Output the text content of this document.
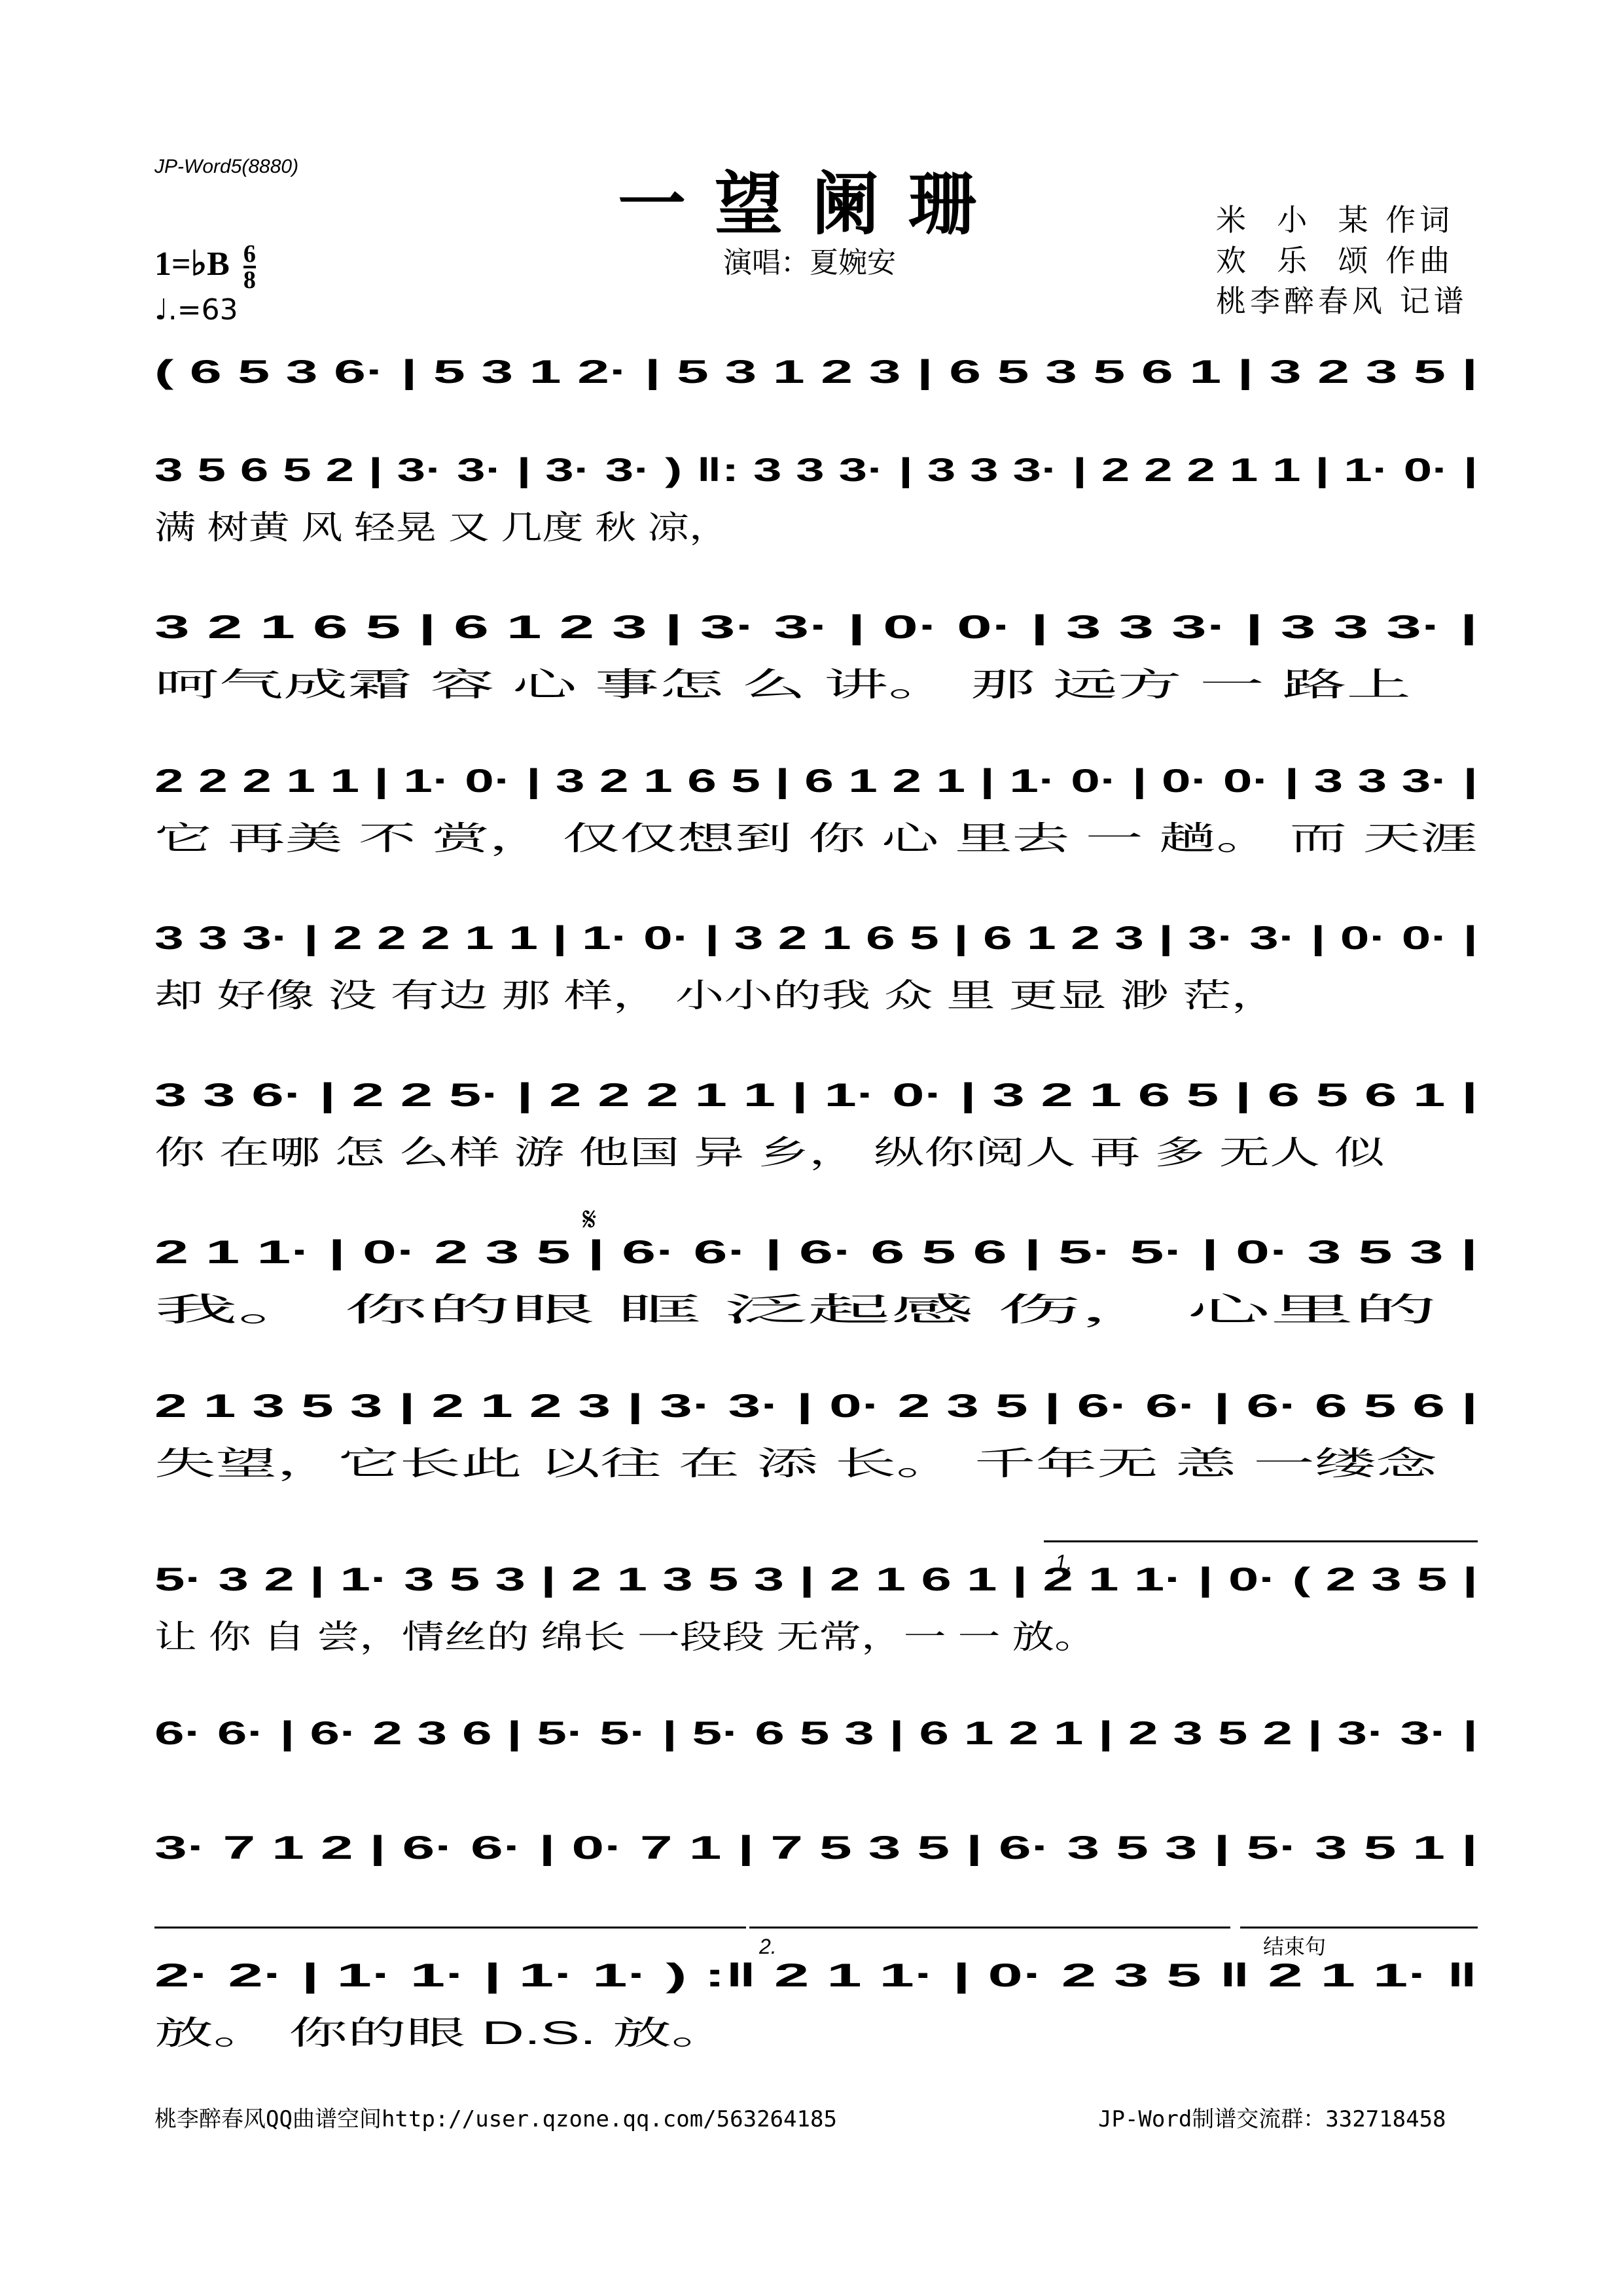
JP-Word5(8880)	一望阑珊
演唱：夏婉安
米  小  某 作词
欢  乐  颂 作曲
桃李醉春风 记谱
1=♭B $\frac{6}{8}$
♩.=63
( 6 5 3 6· | 5 3 1 2· | 5 3 1 2 3 | 6 5 3 5 6 1 | 3 2 3 5 |
3 5 6 5 2 | 3· 3· | 3· 3· ) ‖: 3 3 3· | 3 3 3· | 2 2 2 1 1 | 1· 0· |
满 树黄 风 轻晃 又 几度 秋 凉，
3 2 1 6 5 | 6 1 2 3 | 3· 3· | 0· 0· | 3 3 3· | 3 3 3· |
呵气成霜 容 心 事怎 么 讲。 那 远方 一 路上
2 2 2 1 1 | 1· 0· | 3 2 1 6 5 | 6 1 2 1 | 1· 0· | 0· 0· | 3 3 3· |
它 再美 不 赏， 仅仅想到 你 心 里去 一 趟。 而 天涯
3 3 3· | 2 2 2 1 1 | 1· 0· | 3 2 1 6 5 | 6 1 2 3 | 3· 3· | 0· 0· |
却 好像 没 有边 那 样， 小小的我 众 里 更显 渺 茫，
3 3 6· | 2 2 5· | 2 2 2 1 1 | 1· 0· | 3 2 1 6 5 | 6 5 6 1 |
你 在哪 怎 么样 游 他国 异 乡， 纵你阅人 再 多 无人 似
2 1 1· | 0· 2 3 5 | 6· 6· | 6· 6 5 6 | 5· 5· | 0· 3 5 3 |
我。 你的眼 眶 泛起感 伤， 心里的
2 1 3 5 3 | 2 1 2 3 | 3· 3· | 0· 2 3 5 | 6· 6· | 6· 6 5 6 |
失望，它长此 以往 在 添 长。 千年无 恙 一缕念
5· 3 2 | 1· 3 5 3 | 2 1 3 5 3 | 2 1 6 1 | 2 1 1· | 0· ( 2 3 5 |
让 你 自 尝，情丝的 绵长 一段段 无常，一 一 放。
6· 6· | 6· 2 3 6 | 5· 5· | 5· 6 5 3 | 6 1 2 1 | 2 3 5 2 | 3· 3· |
3· 7 1 2 | 6· 6· | 0· 7 1 | 7 5 3 5 | 6· 3 5 3 | 5· 3 5 1 |
2· 2· | 1· 1· | 1· 1· ) :‖ 2 1 1· | 0· 2 3 5 ‖ 2 1 1· ‖
放。 你的眼 D.S. 放。
𝄋
1.
2.	结束句
桃李醉春风QQ曲谱空间http://user.qzone.qq.com/563264185	JP-Word制谱交流群：332718458
